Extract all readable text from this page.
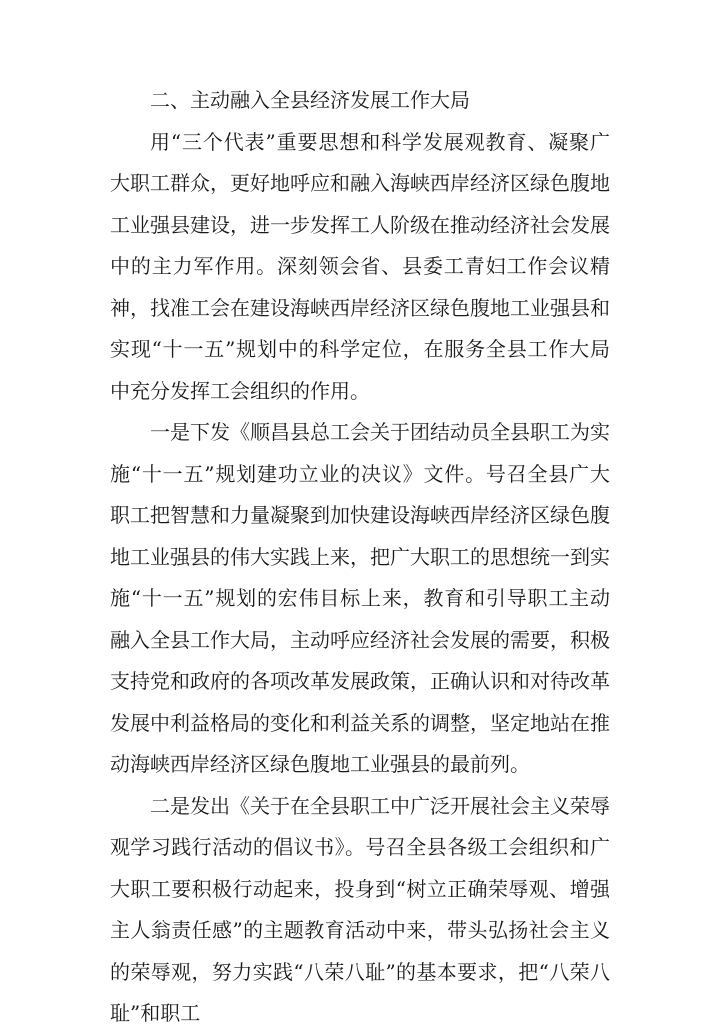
二、主动融入全县经济发展工作大局

用“三个代表”重要思想和科学发展观教育、凝聚广大职工群众，更好地呼应和融入海峡西岸经济区绿色腹地工业强县建设，进一步发挥工人阶级在推动经济社会发展中的主力军作用。深刻领会省、县委工青妇工作会议精神，找准工会在建设海峡西岸经济区绿色腹地工业强县和实现“十一五”规划中的科学定位，在服务全县工作大局中充分发挥工会组织的作用。

一是下发《顺昌县总工会关于团结动员全县职工为实施“十一五”规划建功立业的决议》文件。号召全县广大职工把智慧和力量凝聚到加快建设海峡西岸经济区绿色腹地工业强县的伟大实践上来，把广大职工的思想统一到实施“十一五”规划的宏伟目标上来，教育和引导职工主动融入全县工作大局，主动呼应经济社会发展的需要，积极支持党和政府的各项改革发展政策，正确认识和对待改革发展中利益格局的变化和利益关系的调整，坚定地站在推动海峡西岸经济区绿色腹地工业强县的最前列。

二是发出《关于在全县职工中广泛开展社会主义荣辱观学习践行活动的倡议书》。号召全县各级工会组织和广大职工要积极行动起来，投身到“树立正确荣辱观、增强主人翁责任感”的主题教育活动中来，带头弘扬社会主义的荣辱观，努力实践“八荣八耻”的基本要求，把“八荣八耻”和职工
